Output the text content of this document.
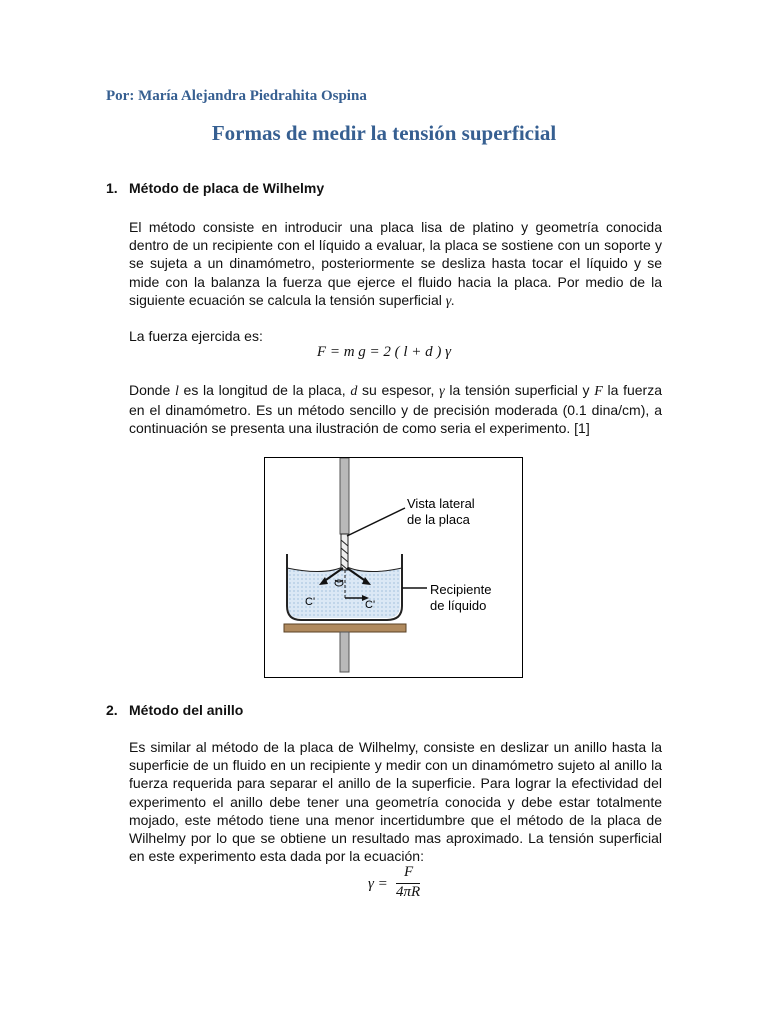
Por: María Alejandra Piedrahita Ospina
Formas de medir la tensión superficial
1. Método de placa de Wilhelmy
El método consiste en introducir una placa lisa de platino y geometría conocida dentro de un recipiente con el líquido a evaluar, la placa se sostiene con un soporte y se sujeta a un dinamómetro, posteriormente se desliza hasta tocar el líquido y se mide con la balanza la fuerza que ejerce el fluido hacia la placa. Por medio de la siguiente ecuación se calcula la tensión superficial γ.
La fuerza ejercida es:
F = m g = 2 ( l + d ) γ
Donde l es la longitud de la placa, d su espesor, γ la tensión superficial y F la fuerza en el dinamómetro. Es un método sencillo y de precisión moderada (0.1 dina/cm), a continuación se presenta una ilustración de como seria el experimento. [1]
C'	C'
Vista lateral
de la placa
Recipiente
de líquido
2. Método del anillo
Es similar al método de la placa de Wilhelmy, consiste en deslizar un anillo hasta la superficie de un fluido en un recipiente y medir con un dinamómetro sujeto al anillo la fuerza requerida para separar el anillo de la superficie. Para lograr la efectividad del experimento el anillo debe tener una geometría conocida y debe estar totalmente mojado, este método tiene una menor incertidumbre que el método de la placa de Wilhelmy por lo que se obtiene un resultado mas aproximado. La tensión superficial en este experimento esta dada por la ecuación:
γ =
F
4πR
